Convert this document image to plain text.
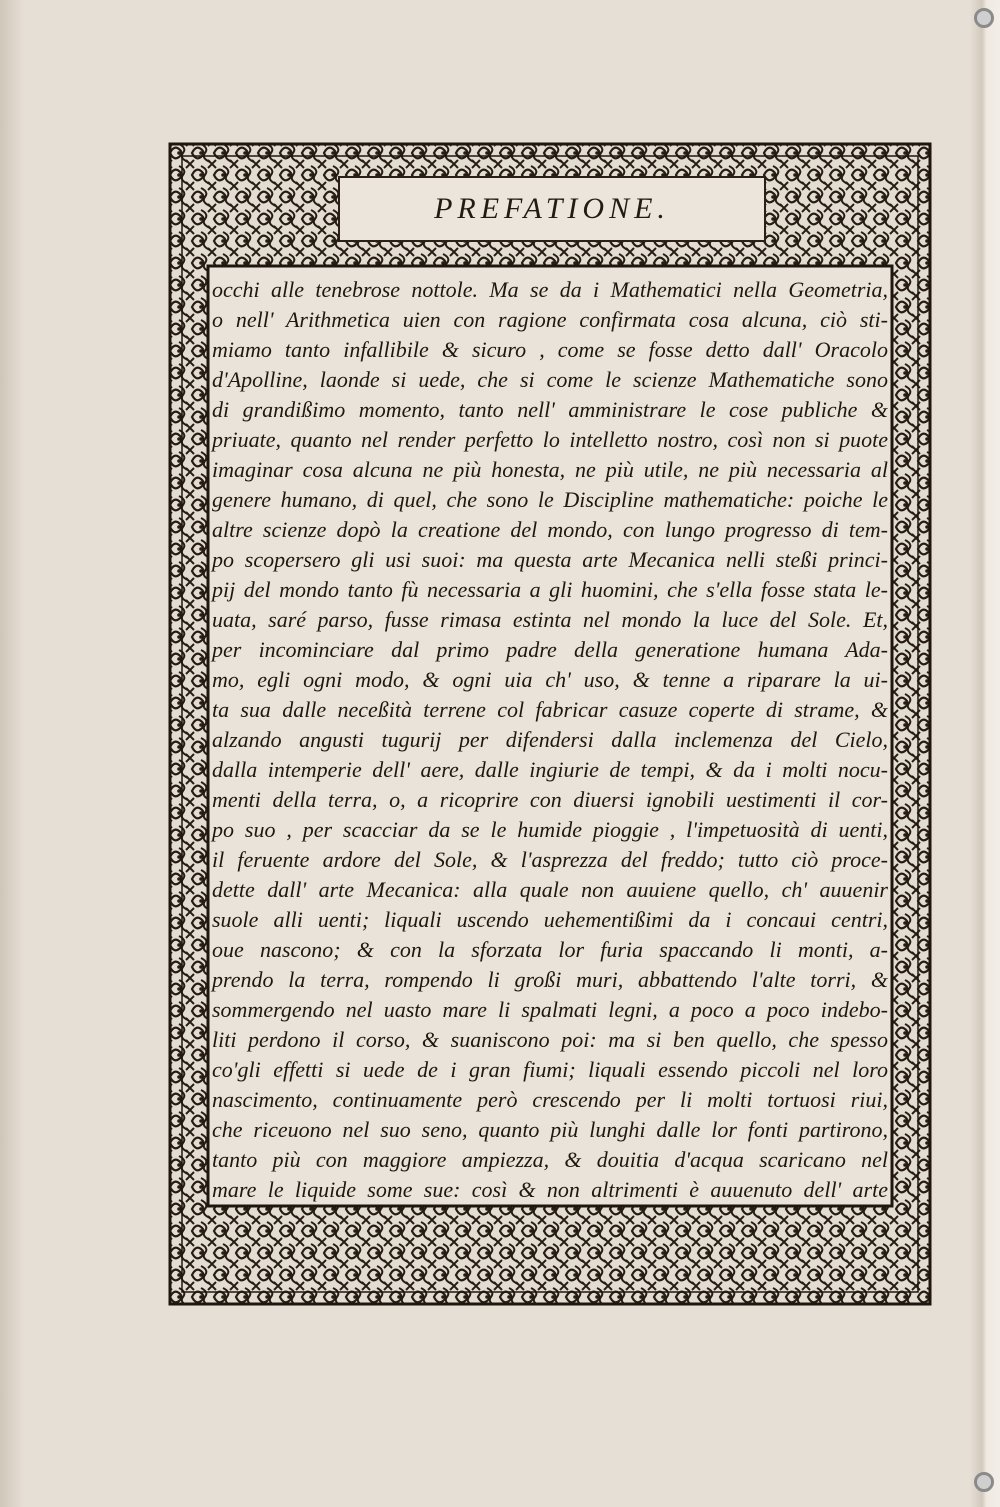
PREFATIONE.
occhi alle tenebrose nottole. Ma se da i Mathematici nella Geometria,
o nell' Arithmetica uien con ragione confirmata cosa alcuna, ciò sti-
miamo tanto infallibile & sicuro , come se fosse detto dall' Oracolo
d'Apolline, laonde si uede, che si come le scienze Mathematiche sono
di grandißimo momento, tanto nell' amministrare le cose publiche &
priuate, quanto nel render perfetto lo intelletto nostro, così non si puote
imaginar cosa alcuna ne più honesta, ne più utile, ne più necessaria al
genere humano, di quel, che sono le Discipline mathematiche: poiche le
altre scienze dopò la creatione del mondo, con lungo progresso di tem-
po scopersero gli usi suoi: ma questa arte Mecanica nelli steßi princi-
pij del mondo tanto fù necessaria a gli huomini, che s'ella fosse stata le-
uata, saré parso, fusse rimasa estinta nel mondo la luce del Sole. Et,
per incominciare dal primo padre della generatione humana Ada-
mo, egli ogni modo, & ogni uia ch' uso, & tenne a riparare la ui-
ta sua dalle neceßità terrene col fabricar casuze coperte di strame, &
alzando angusti tugurij per difendersi dalla inclemenza del Cielo,
dalla intemperie dell' aere, dalle ingiurie de tempi, & da i molti nocu-
menti della terra, o, a ricoprire con diuersi ignobili uestimenti il cor-
po suo , per scacciar da se le humide pioggie , l'impetuosità di uenti,
il feruente ardore del Sole, & l'asprezza del freddo; tutto ciò proce-
dette dall' arte Mecanica: alla quale non auuiene quello, ch' auuenir
suole alli uenti; liquali uscendo uehementißimi da i concaui centri,
oue nascono; & con la sforzata lor furia spaccando li monti, a-
prendo la terra, rompendo li großi muri, abbattendo l'alte torri, &
sommergendo nel uasto mare li spalmati legni, a poco a poco indebo-
liti perdono il corso, & suaniscono poi: ma si ben quello, che spesso
co'gli effetti si uede de i gran fiumi; liquali essendo piccoli nel loro
nascimento, continuamente però crescendo per li molti tortuosi riui,
che riceuono nel suo seno, quanto più lunghi dalle lor fonti partirono,
tanto più con maggiore ampiezza, & douitia d'acqua scaricano nel
mare le liquide some sue: così & non altrimenti è auuenuto dell' arte
